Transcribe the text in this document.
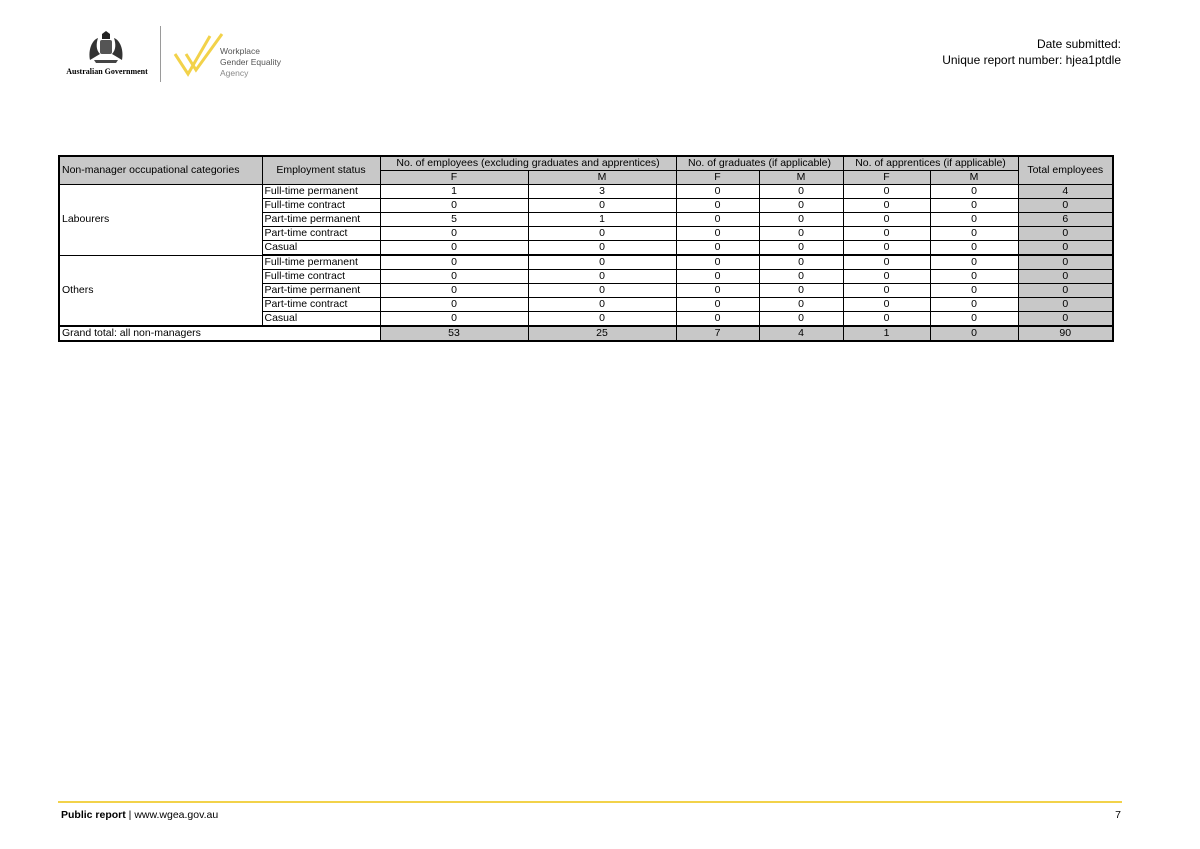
Australian Government
Workplace
Gender Equality
Agency
Date submitted:
Unique report number: hjea1ptdle
Non-manager occupational categories	Employment status	No. of employees (excluding graduates and apprentices)		No. of graduates (if applicable)		No. of apprentices (if applicable)		Total employees
		F	M	F	M	F	M	
Labourers	Full-time permanent	1	3	0	0	0	0	4
	Full-time contract	0	0	0	0	0	0	0
	Part-time permanent	5	1	0	0	0	0	6
	Part-time contract	0	0	0	0	0	0	0
	Casual	0	0	0	0	0	0	0
Others	Full-time permanent	0	0	0	0	0	0	0
	Full-time contract	0	0	0	0	0	0	0
	Part-time permanent	0	0	0	0	0	0	0
	Part-time contract	0	0	0	0	0	0	0
	Casual	0	0	0	0	0	0	0
Grand total: all non-managers		53	25	7	4	1	0	90
Public report | www.wgea.gov.au	7
